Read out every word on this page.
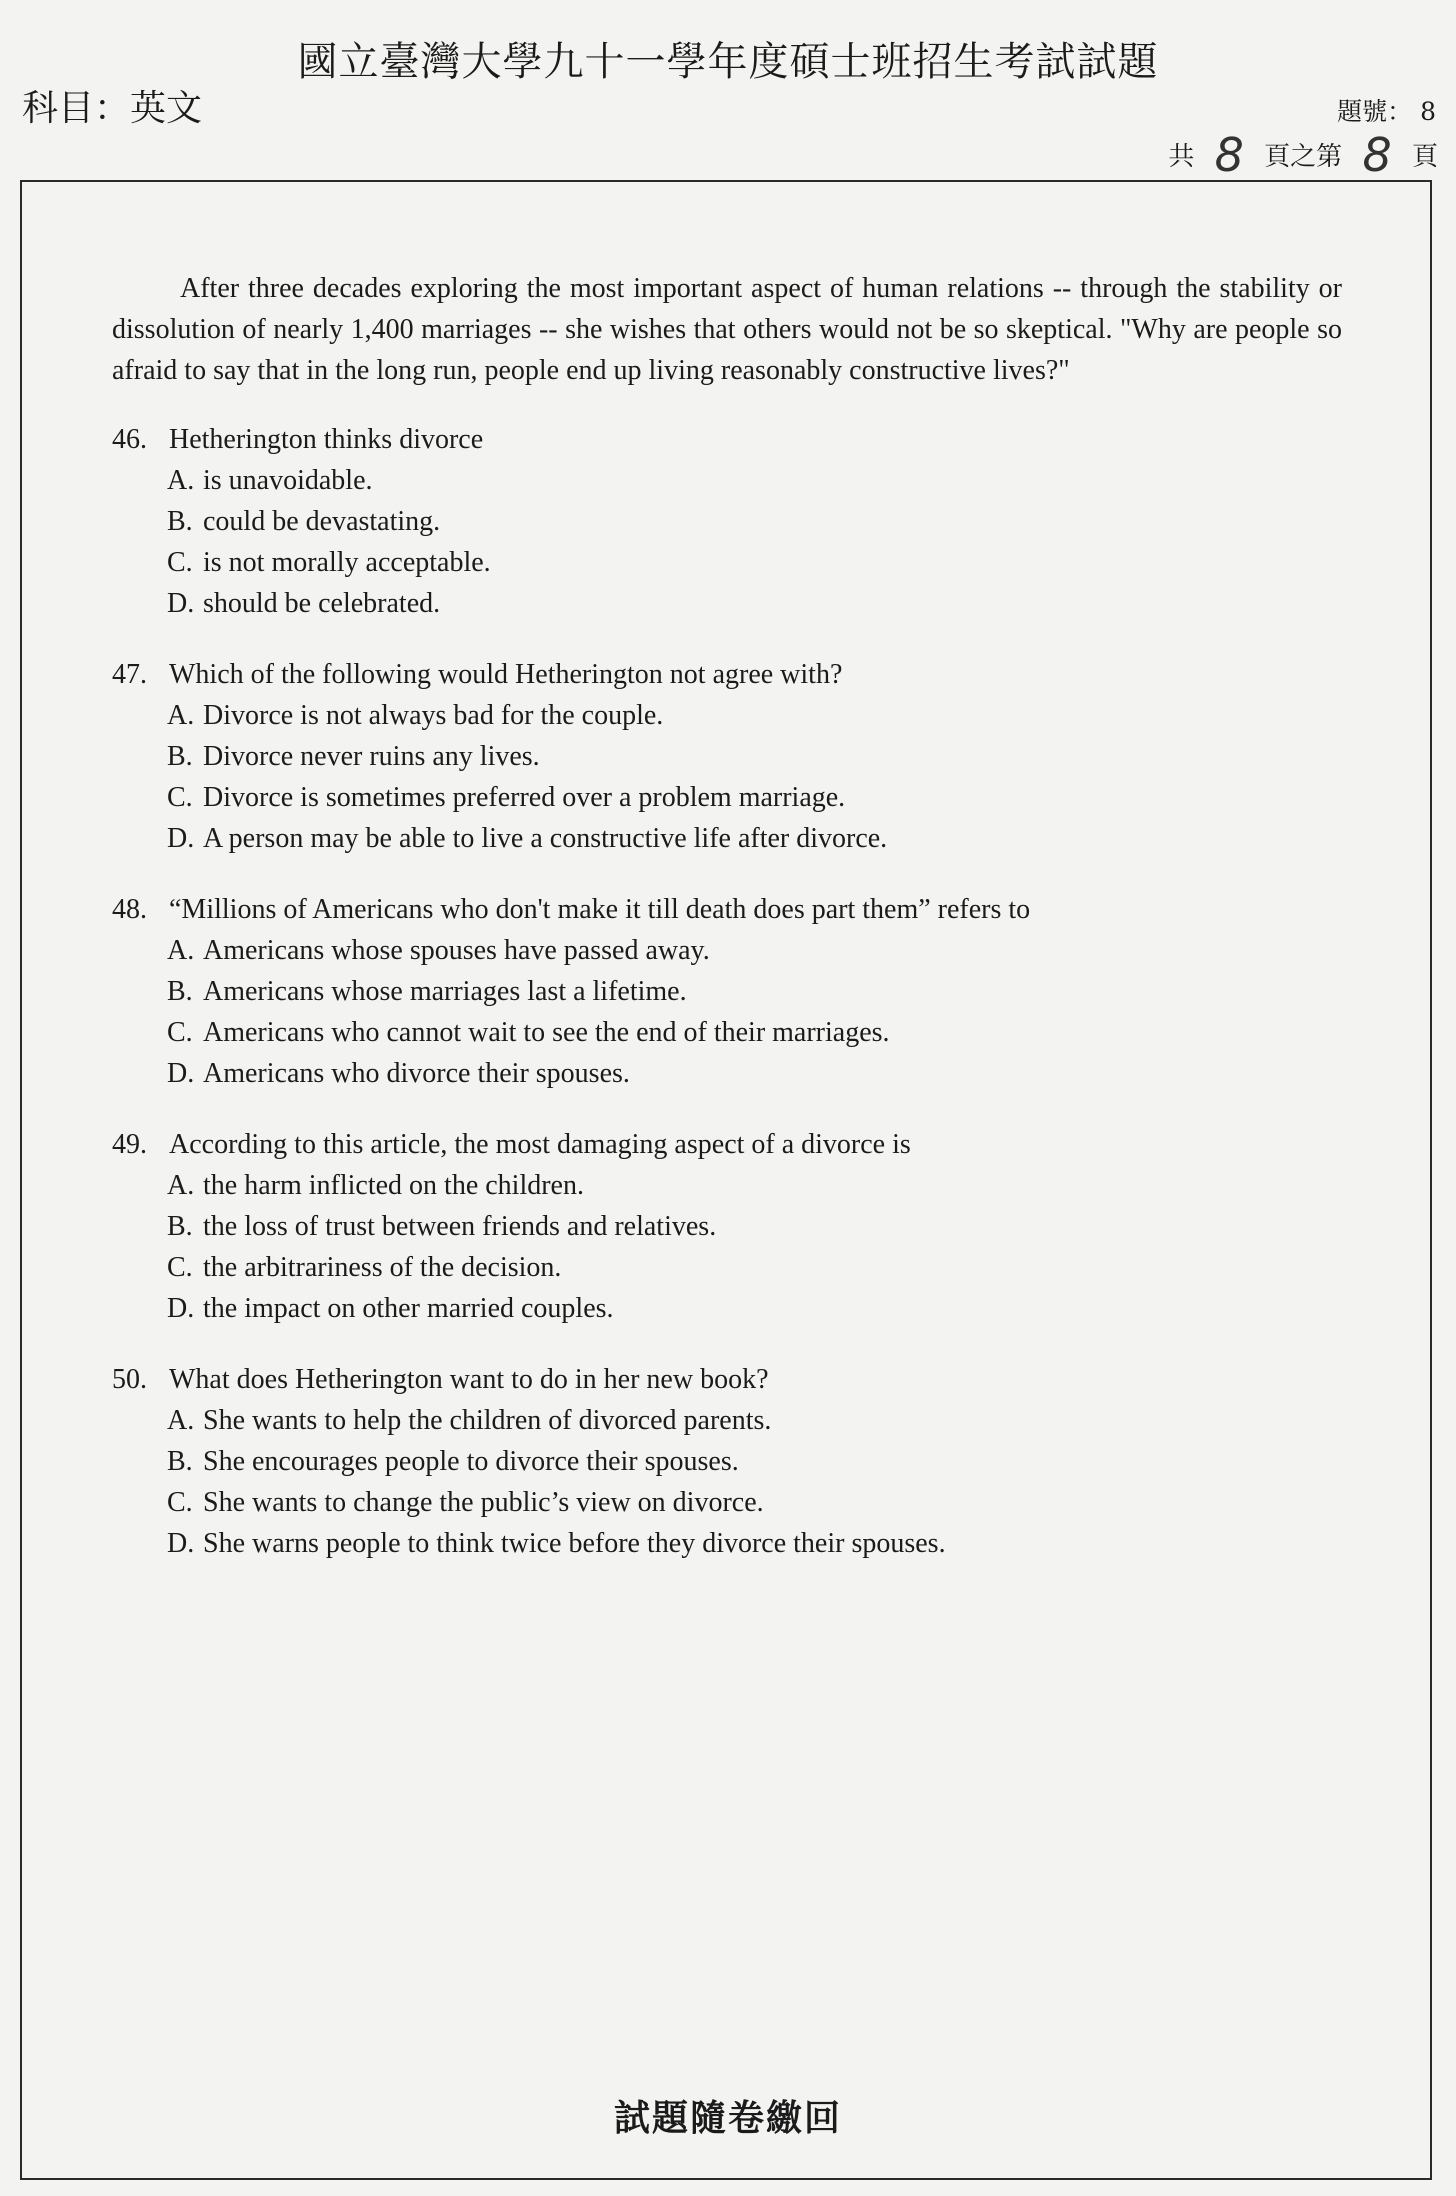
國立臺灣大學九十一學年度碩士班招生考試試題
科目：英文	題號： 8
共 8 頁之第 8 頁

After three decades exploring the most important aspect of human relations -- through the stability or dissolution of nearly 1,400 marriages -- she wishes that others would not be so skeptical. "Why are people so afraid to say that in the long run, people end up living reasonably constructive lives?"

46. Hetherington thinks divorce
A. is unavoidable.
B. could be devastating.
C. is not morally acceptable.
D. should be celebrated.
47. Which of the following would Hetherington not agree with?
A. Divorce is not always bad for the couple.
B. Divorce never ruins any lives.
C. Divorce is sometimes preferred over a problem marriage.
D. A person may be able to live a constructive life after divorce.
48. “Millions of Americans who don't make it till death does part them” refers to
A. Americans whose spouses have passed away.
B. Americans whose marriages last a lifetime.
C. Americans who cannot wait to see the end of their marriages.
D. Americans who divorce their spouses.
49. According to this article, the most damaging aspect of a divorce is
A. the harm inflicted on the children.
B. the loss of trust between friends and relatives.
C. the arbitrariness of the decision.
D. the impact on other married couples.
50. What does Hetherington want to do in her new book?
A. She wants to help the children of divorced parents.
B. She encourages people to divorce their spouses.
C. She wants to change the public’s view on divorce.
D. She warns people to think twice before they divorce their spouses.
試題隨卷繳回
